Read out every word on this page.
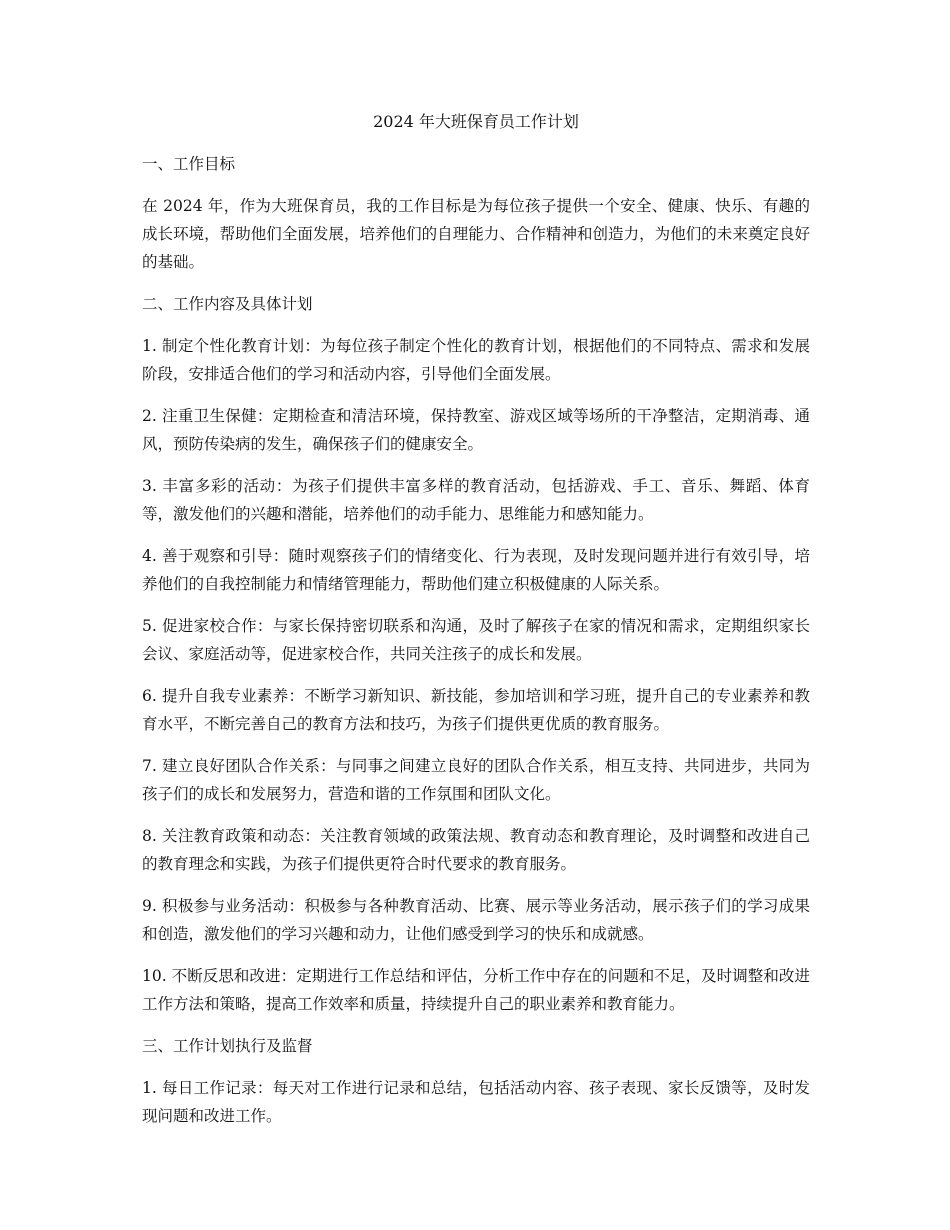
2024 年大班保育员工作计划
一、工作目标
在 2024 年，作为大班保育员，我的工作目标是为每位孩子提供一个安全、健康、快乐、有趣的成长环境，帮助他们全面发展，培养他们的自理能力、合作精神和创造力，为他们的未来奠定良好的基础。
二、工作内容及具体计划
1. 制定个性化教育计划：为每位孩子制定个性化的教育计划，根据他们的不同特点、需求和发展阶段，安排适合他们的学习和活动内容，引导他们全面发展。
2. 注重卫生保健：定期检查和清洁环境，保持教室、游戏区域等场所的干净整洁，定期消毒、通风，预防传染病的发生，确保孩子们的健康安全。
3. 丰富多彩的活动：为孩子们提供丰富多样的教育活动，包括游戏、手工、音乐、舞蹈、体育等，激发他们的兴趣和潜能，培养他们的动手能力、思维能力和感知能力。
4. 善于观察和引导：随时观察孩子们的情绪变化、行为表现，及时发现问题并进行有效引导，培养他们的自我控制能力和情绪管理能力，帮助他们建立积极健康的人际关系。
5. 促进家校合作：与家长保持密切联系和沟通，及时了解孩子在家的情况和需求，定期组织家长会议、家庭活动等，促进家校合作，共同关注孩子的成长和发展。
6. 提升自我专业素养：不断学习新知识、新技能，参加培训和学习班，提升自己的专业素养和教育水平，不断完善自己的教育方法和技巧，为孩子们提供更优质的教育服务。
7. 建立良好团队合作关系：与同事之间建立良好的团队合作关系，相互支持、共同进步，共同为孩子们的成长和发展努力，营造和谐的工作氛围和团队文化。
8. 关注教育政策和动态：关注教育领域的政策法规、教育动态和教育理论，及时调整和改进自己的教育理念和实践，为孩子们提供更符合时代要求的教育服务。
9. 积极参与业务活动：积极参与各种教育活动、比赛、展示等业务活动，展示孩子们的学习成果和创造，激发他们的学习兴趣和动力，让他们感受到学习的快乐和成就感。
10. 不断反思和改进：定期进行工作总结和评估，分析工作中存在的问题和不足，及时调整和改进工作方法和策略，提高工作效率和质量，持续提升自己的职业素养和教育能力。
三、工作计划执行及监督
1. 每日工作记录：每天对工作进行记录和总结，包括活动内容、孩子表现、家长反馈等，及时发现问题和改进工作。
